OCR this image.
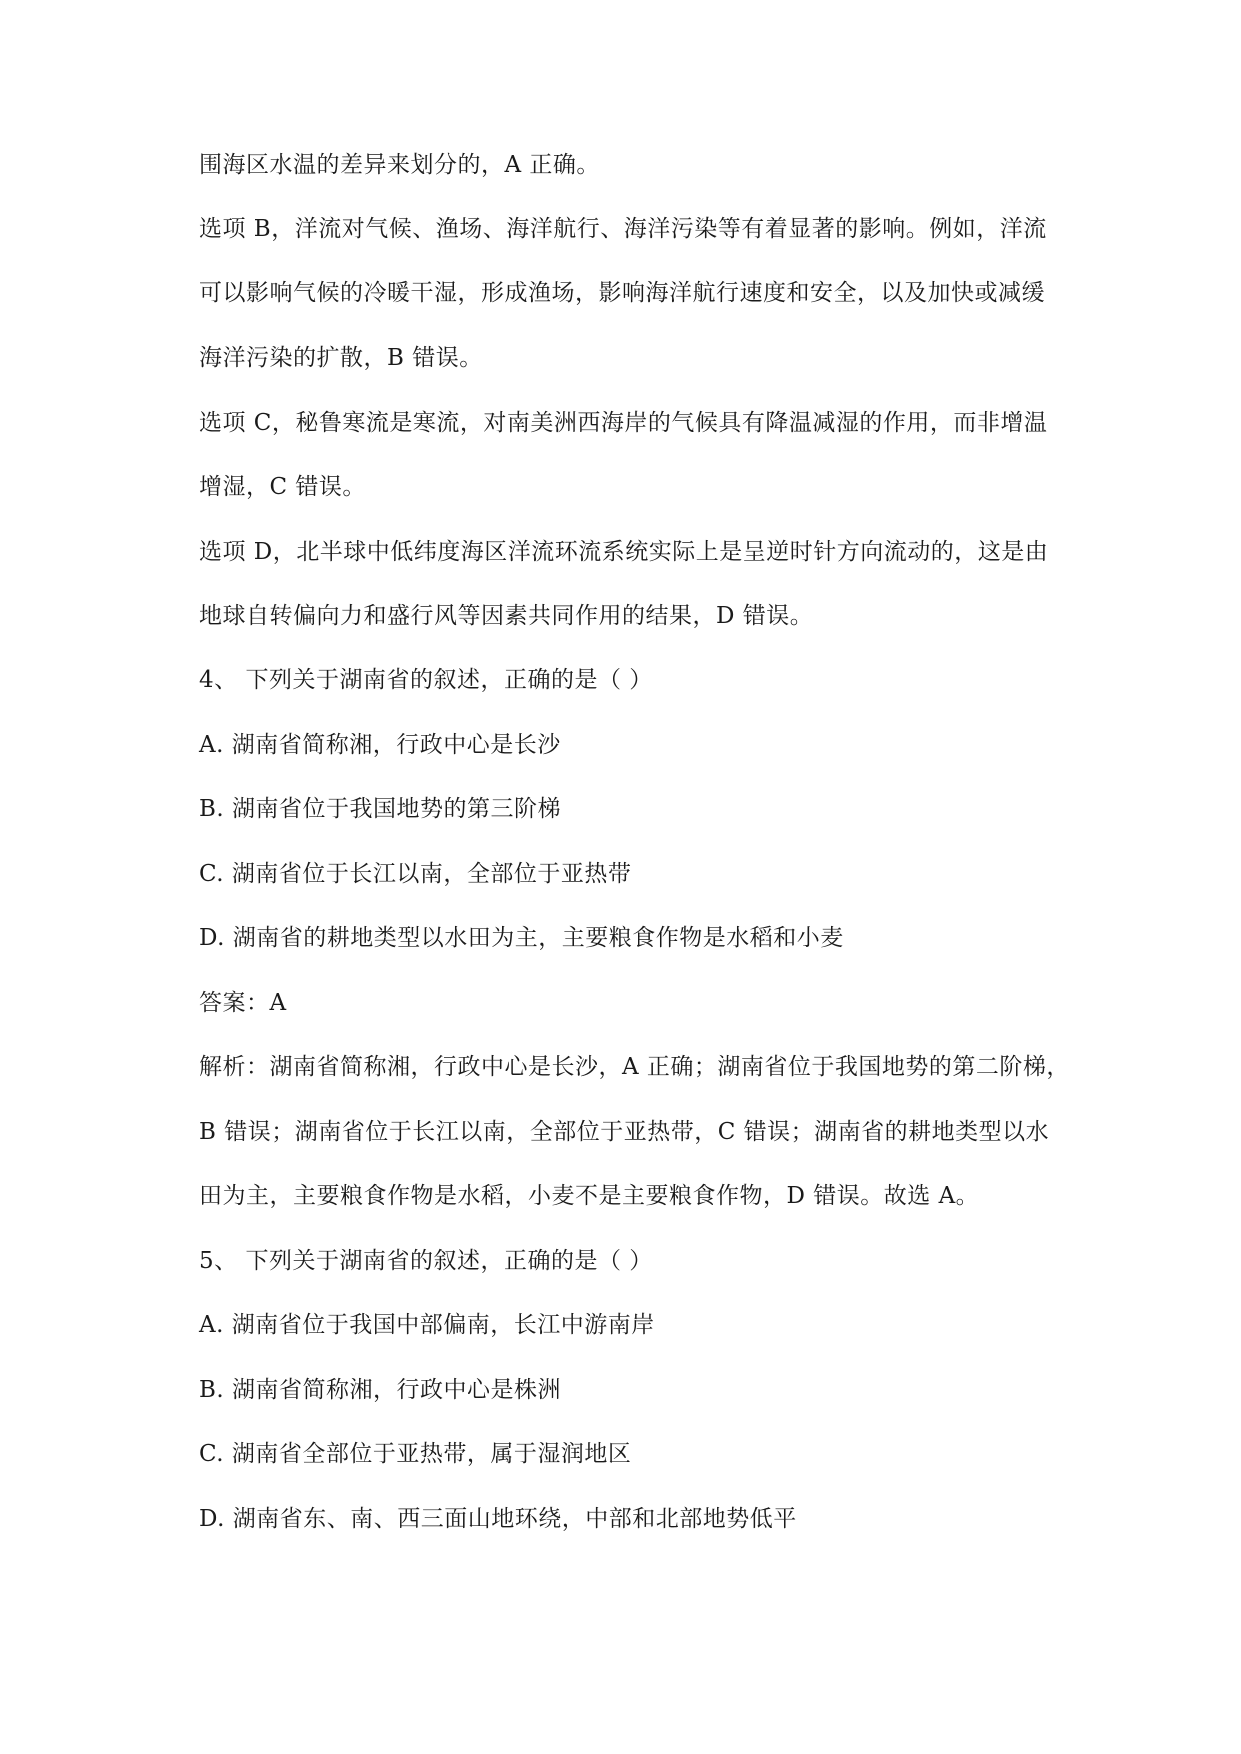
围海区水温的差异来划分的，A 正确。
选项 B，洋流对气候、渔场、海洋航行、海洋污染等有着显著的影响。例如，洋流
可以影响气候的冷暖干湿，形成渔场，影响海洋航行速度和安全，以及加快或减缓
海洋污染的扩散，B 错误。
选项 C，秘鲁寒流是寒流，对南美洲西海岸的气候具有降温减湿的作用，而非增温
增湿，C 错误。
选项 D，北半球中低纬度海区洋流环流系统实际上是呈逆时针方向流动的，这是由
地球自转偏向力和盛行风等因素共同作用的结果，D 错误。
4、 下列关于湖南省的叙述，正确的是（ ）
A. 湖南省简称湘，行政中心是长沙
B. 湖南省位于我国地势的第三阶梯
C. 湖南省位于长江以南，全部位于亚热带
D. 湖南省的耕地类型以水田为主，主要粮食作物是水稻和小麦
答案：A
解析：湖南省简称湘，行政中心是长沙，A 正确；湖南省位于我国地势的第二阶梯，
B 错误；湖南省位于长江以南，全部位于亚热带，C 错误；湖南省的耕地类型以水
田为主，主要粮食作物是水稻，小麦不是主要粮食作物，D 错误。故选 A。
5、 下列关于湖南省的叙述，正确的是（ ）
A. 湖南省位于我国中部偏南，长江中游南岸
B. 湖南省简称湘，行政中心是株洲
C. 湖南省全部位于亚热带，属于湿润地区
D. 湖南省东、南、西三面山地环绕，中部和北部地势低平
